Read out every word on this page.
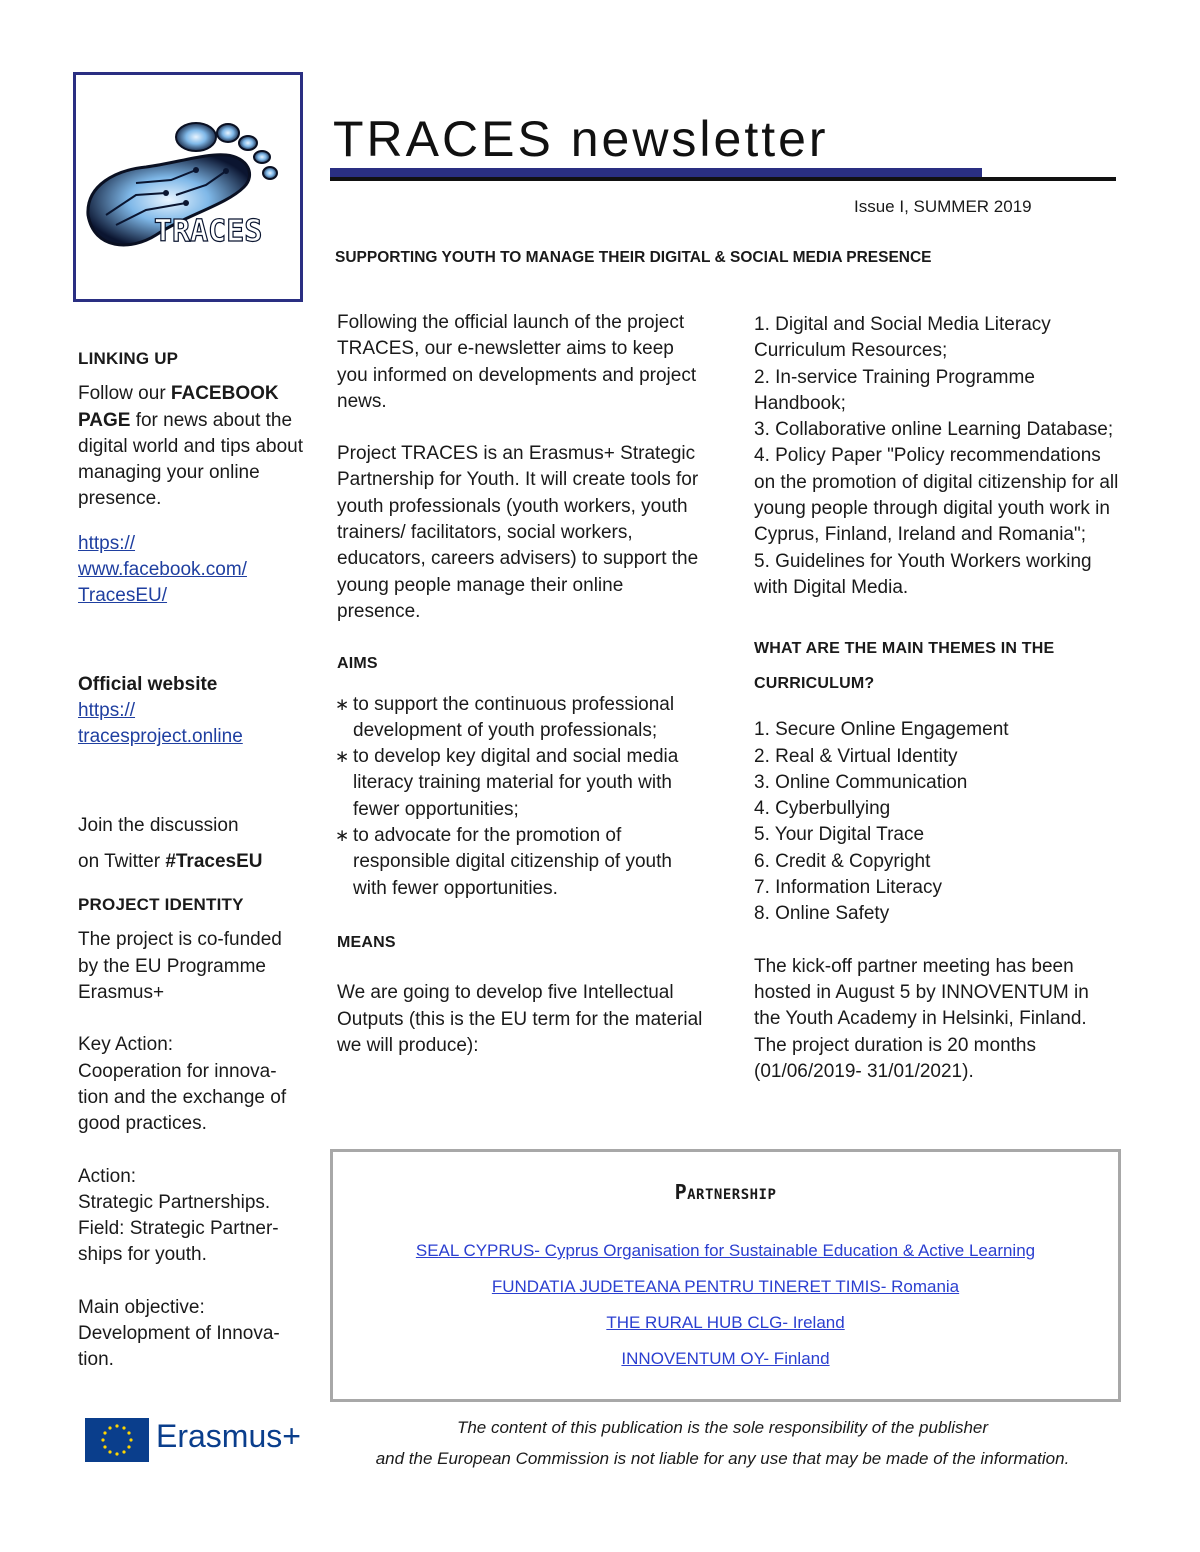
TRACES
TRACES newsletter
Issue I, SUMMER 2019
SUPPORTING YOUTH TO MANAGE THEIR DIGITAL & SOCIAL MEDIA PRESENCE
LINKING UP
Follow our FACEBOOK PAGE for news about the digital world and tips about managing your online presence.
https:// www.facebook.com/ TracesEU/
Official website
https:// tracesproject.online
Join the discussion
on Twitter #TracesEU
PROJECT IDENTITY
The project is co-funded by the EU Programme Erasmus+
Key Action:
Cooperation for innova-tion and the exchange of good practices.
Action:
Strategic Partnerships.
Field: Strategic Partner-ships for youth.
Main objective:
Development of Innova-tion.
Following the official launch of the project TRACES, our e-newsletter aims to keep you informed on developments and project news.
Project TRACES is an Erasmus+ Strategic Partnership for Youth. It will create tools for youth professionals (youth workers, youth trainers/ facilitators, social workers, educators, careers advisers) to support the young people manage their online presence.
AIMS
∗ to support the continuous professional development of youth professionals;
∗ to develop key digital and social media literacy training material for youth with fewer opportunities;
∗ to advocate for the promotion of responsible digital citizenship of youth with fewer opportunities.
MEANS
We are going to develop five Intellectual Outputs (this is the EU term for the material we will produce):
1. Digital and Social Media Literacy Curriculum Resources;
2. In-service Training Programme Handbook;
3. Collaborative online Learning Database;
4. Policy Paper "Policy recommendations on the promotion of digital citizenship for all young people through digital youth work in Cyprus, Finland, Ireland and Romania";
5. Guidelines for Youth Workers working with Digital Media.
WHAT ARE THE MAIN THEMES IN THE
CURRICULUM?
1. Secure Online Engagement
2. Real & Virtual Identity
3. Online Communication
4. Cyberbullying
5. Your Digital Trace
6. Credit & Copyright
7. Information Literacy
8. Online Safety
The kick-off partner meeting has been hosted in August 5 by INNOVENTUM in the Youth Academy in Helsinki, Finland. The project duration is 20 months (01/06/2019- 31/01/2021).
Partnership
SEAL CYPRUS- Cyprus Organisation for Sustainable Education & Active Learning
FUNDATIA JUDETEANA PENTRU TINERET TIMIS- Romania
THE RURAL HUB CLG- Ireland
INNOVENTUM OY- Finland
The content of this publication is the sole responsibility of the publisher
and the European Commission is not liable for any use that may be made of the information.
Erasmus+
